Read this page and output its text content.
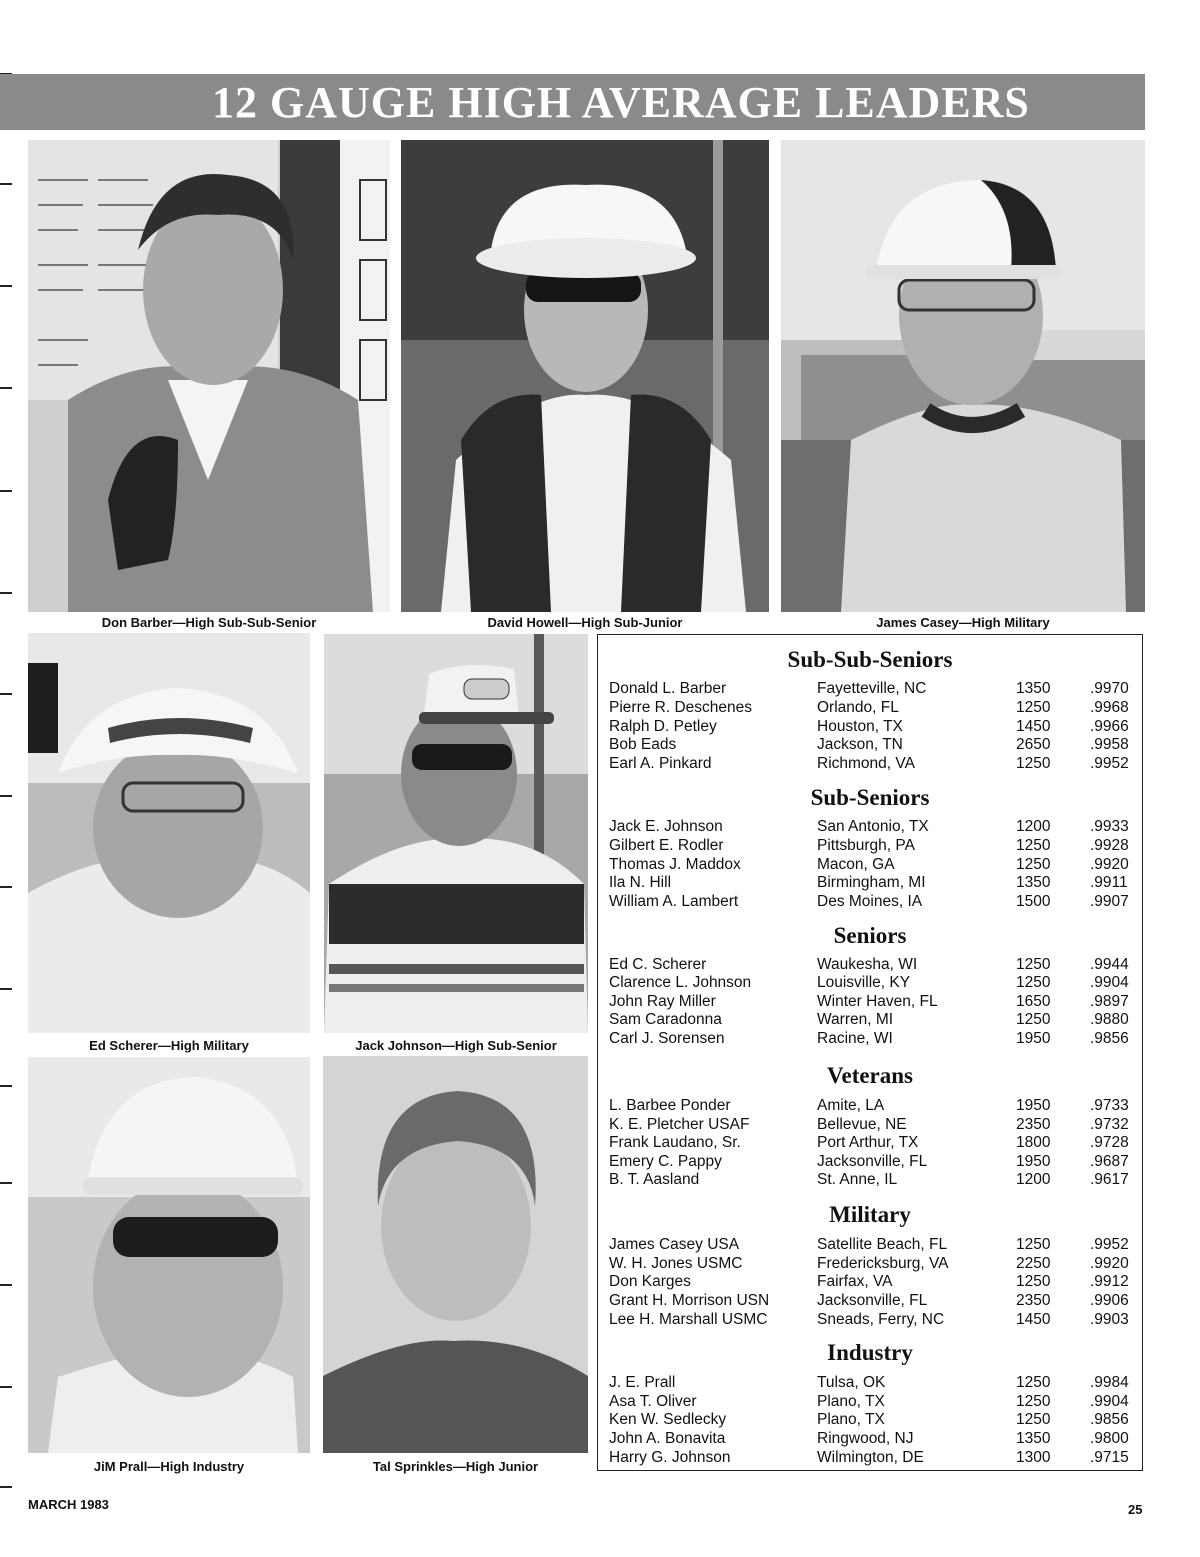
12 GAUGE HIGH AVERAGE LEADERS
Don Barber—High Sub-Sub-Senior	David Howell—High Sub-Junior	James Casey—High Military
Ed Scherer—High Military	Jack Johnson—High Sub-Senior
JiM Prall—High Industry	Tal Sprinkles—High Junior
Sub-Sub-Seniors
Donald L. Barber	Fayetteville, NC	1350	.9970
Pierre R. Deschenes	Orlando, FL	1250	.9968
Ralph D. Petley	Houston, TX	1450	.9966
Bob Eads	Jackson, TN	2650	.9958
Earl A. Pinkard	Richmond, VA	1250	.9952
Sub-Seniors
Jack E. Johnson	San Antonio, TX	1200	.9933
Gilbert E. Rodler	Pittsburgh, PA	1250	.9928
Thomas J. Maddox	Macon, GA	1250	.9920
Ila N. Hill	Birmingham, MI	1350	.9911
William A. Lambert	Des Moines, IA	1500	.9907
Seniors
Ed C. Scherer	Waukesha, WI	1250	.9944
Clarence L. Johnson	Louisville, KY	1250	.9904
John Ray Miller	Winter Haven, FL	1650	.9897
Sam Caradonna	Warren, MI	1250	.9880
Carl J. Sorensen	Racine, WI	1950	.9856
Veterans
L. Barbee Ponder	Amite, LA	1950	.9733
K. E. Pletcher USAF	Bellevue, NE	2350	.9732
Frank Laudano, Sr.	Port Arthur, TX	1800	.9728
Emery C. Pappy	Jacksonville, FL	1950	.9687
B. T. Aasland	St. Anne, IL	1200	.9617
Military
James Casey USA	Satellite Beach, FL	1250	.9952
W. H. Jones USMC	Fredericksburg, VA	2250	.9920
Don Karges	Fairfax, VA	1250	.9912
Grant H. Morrison USN	Jacksonville, FL	2350	.9906
Lee H. Marshall USMC	Sneads, Ferry, NC	1450	.9903
Industry
J. E. Prall	Tulsa, OK	1250	.9984
Asa T. Oliver	Plano, TX	1250	.9904
Ken W. Sedlecky	Plano, TX	1250	.9856
John A. Bonavita	Ringwood, NJ	1350	.9800
Harry G. Johnson	Wilmington, DE	1300	.9715
MARCH 1983	25
